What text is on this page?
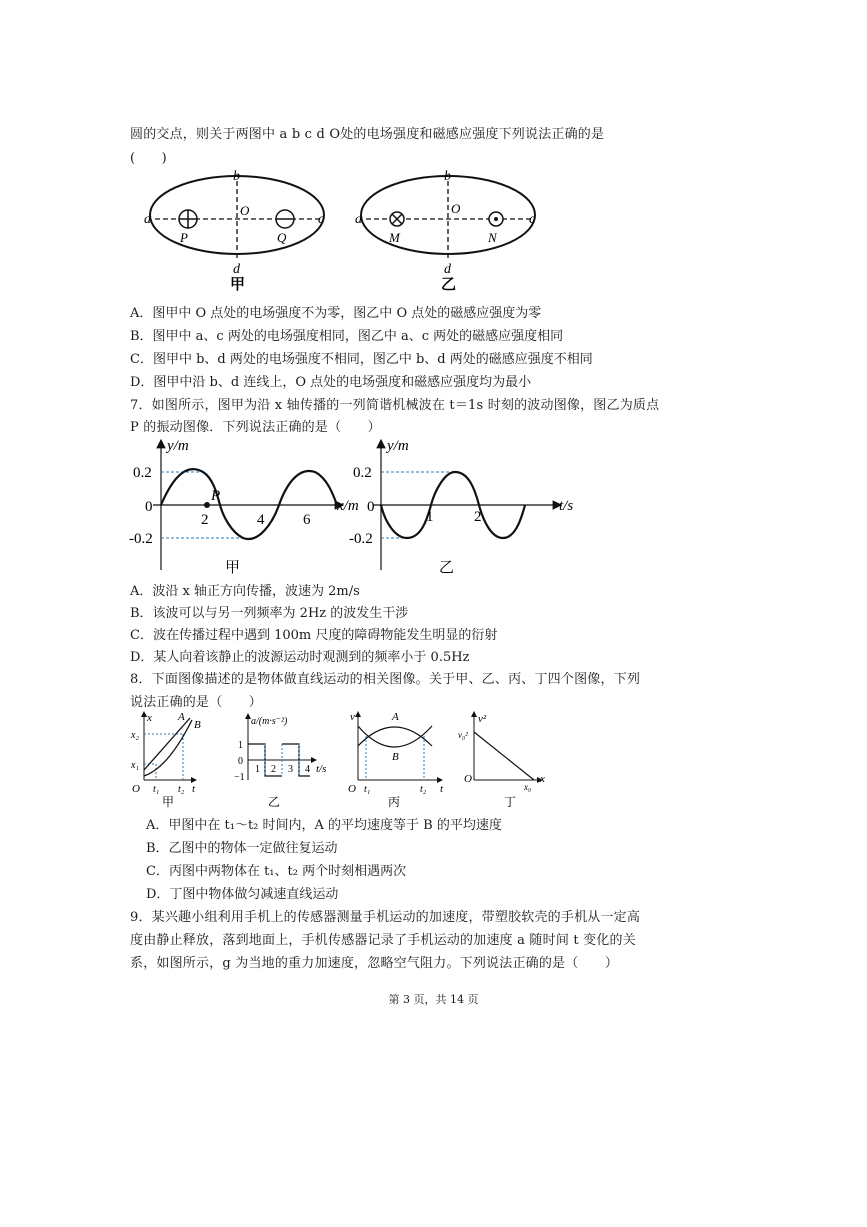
圆的交点，则关于两图中 a b c d O处的电场强度和磁感应强度下列说法正确的是
(　　)
b
d
a	c
O
P	Q
甲
b
d
a	c
O
M	N
乙
A．图甲中 O 点处的电场强度不为零，图乙中 O 点处的磁感应强度为零
B．图甲中 a、c 两处的电场强度相同，图乙中 a、c 两处的磁感应强度相同
C．图甲中 b、d 两处的电场强度不相同，图乙中 b、d 两处的磁感应强度不相同
D．图甲中沿 b、d 连线上，O 点处的电场强度和磁感应强度均为最小
7．如图所示，图甲为沿 x 轴传播的一列简谐机械波在 t＝1s 时刻的波动图像，图乙为质点
P 的振动图像．下列说法正确的是（　　）
y/m
x/m
0.2
-0.2
0
2	4	6
P
甲
y/m
t/s
0.2
-0.2
0
1	2
乙
A．波沿 x 轴正方向传播，波速为 2m/s
B．该波可以与另一列频率为 2Hz 的波发生干涉
C．波在传播过程中遇到 100m 尺度的障碍物能发生明显的衍射
D．某人向着该静止的波源运动时观测到的频率小于 0.5Hz
8．下面图像描述的是物体做直线运动的相关图像。关于甲、乙、丙、丁四个图像，下列
说法正确的是（　　）
x
t
O
A
B
x₁
x₂
t₁ t₂
甲
a/(m·s⁻²)
t/s
1
0
−1
1 2 3 4
乙
v
t
O
A
B
t₁	t₂
丙
v²
x
O
v₀²
x₀
丁
A．甲图中在 t₁～t₂ 时间内，A 的平均速度等于 B 的平均速度
B．乙图中的物体一定做往复运动
C．丙图中两物体在 t₁、t₂ 两个时刻相遇两次
D．丁图中物体做匀减速直线运动
9．某兴趣小组利用手机上的传感器测量手机运动的加速度，带塑胶软壳的手机从一定高
度由静止释放，落到地面上，手机传感器记录了手机运动的加速度 a 随时间 t 变化的关
系，如图所示，g 为当地的重力加速度，忽略空气阻力。下列说法正确的是（　　）
第 3 页，共 14 页
